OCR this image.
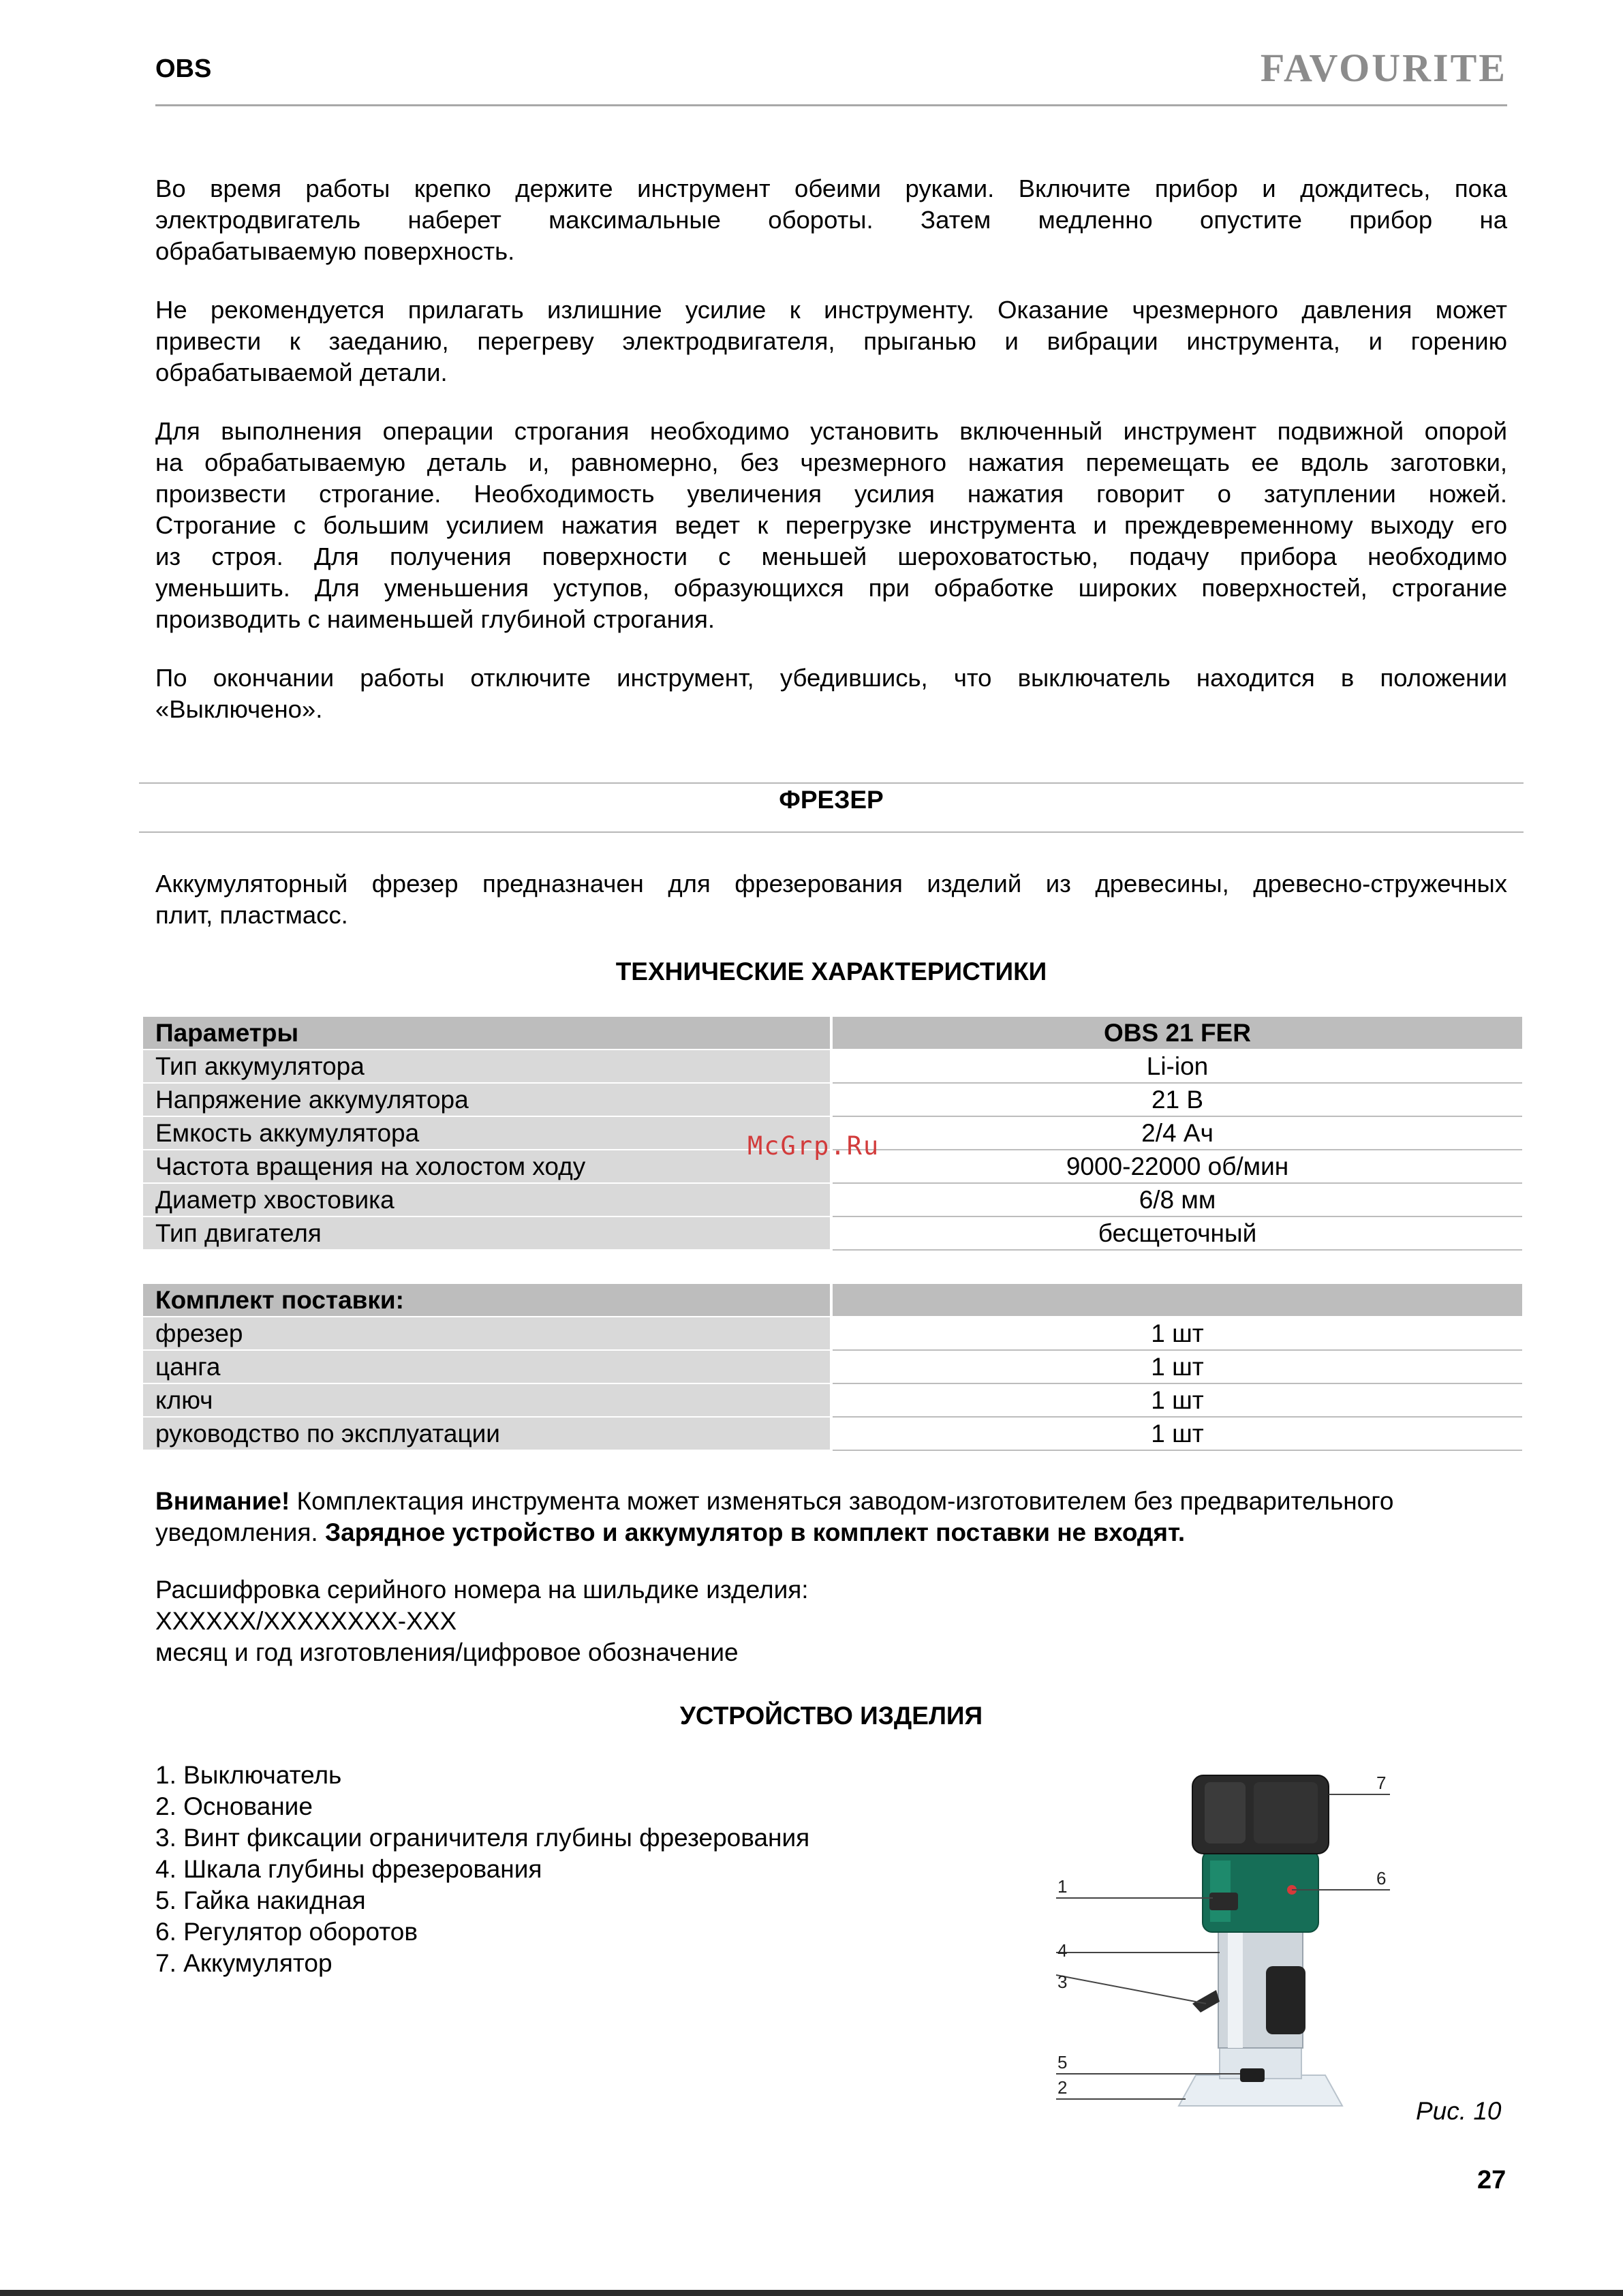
OBS	FAVOURITE
Во время работы крепко держите инструмент обеими руками. Включите прибор и дождитесь, пока
электродвигатель наберет максимальные обороты. Затем медленно опустите прибор на
обрабатываемую поверхность.
Не рекомендуется прилагать излишние усилие к инструменту. Оказание чрезмерного давления может
привести к заеданию, перегреву электродвигателя, прыганью и вибрации инструмента, и горению
обрабатываемой детали.
Для выполнения операции строгания необходимо установить включенный инструмент подвижной опорой
на обрабатываемую деталь и, равномерно, без чрезмерного нажатия перемещать ее вдоль заготовки,
произвести строгание. Необходимость увеличения усилия нажатия говорит о затуплении ножей.
Строгание с большим усилием нажатия ведет к перегрузке инструмента и преждевременному выходу его
из строя. Для получения поверхности с меньшей шероховатостью, подачу прибора необходимо
уменьшить. Для уменьшения уступов, образующихся при обработке широких поверхностей, строгание
производить с наименьшей глубиной строгания.
По окончании работы отключите инструмент, убедившись, что выключатель находится в положении
«Выключено».
ФРЕЗЕР
Аккумуляторный фрезер предназначен для фрезерования изделий из древесины, древесно-стружечных
плит, пластмасс.
ТЕХНИЧЕСКИЕ ХАРАКТЕРИСТИКИ
Параметры	OBS 21 FER
Тип аккумулятора	Li-ion
Напряжение аккумулятора	21 В
Емкость аккумулятора	2/4 Ач
Частота вращения на холостом ходу	9000-22000 об/мин
Диаметр хвостовика	6/8 мм
Тип двигателя	бесщеточный
McGrp.Ru
Комплект поставки:
фрезер	1 шт
цанга	1 шт
ключ	1 шт
руководство по эксплуатации	1 шт
Внимание! Комплектация инструмента может изменяться заводом-изготовителем без предварительного
уведомления. Зарядное устройство и аккумулятор в комплект поставки не входят.
Расшифровка серийного номера на шильдике изделия:
XXXXXX/XXXXXXXX-XXX
месяц и год изготовления/цифровое обозначение
УСТРОЙСТВО ИЗДЕЛИЯ
1. Выключатель
2. Основание
3. Винт фиксации ограничителя глубины фрезерования
4. Шкала глубины фрезерования
5. Гайка накидная
6. Регулятор оборотов
7. Аккумулятор
1
2
3
4
5
6
7
Рис. 10
27
